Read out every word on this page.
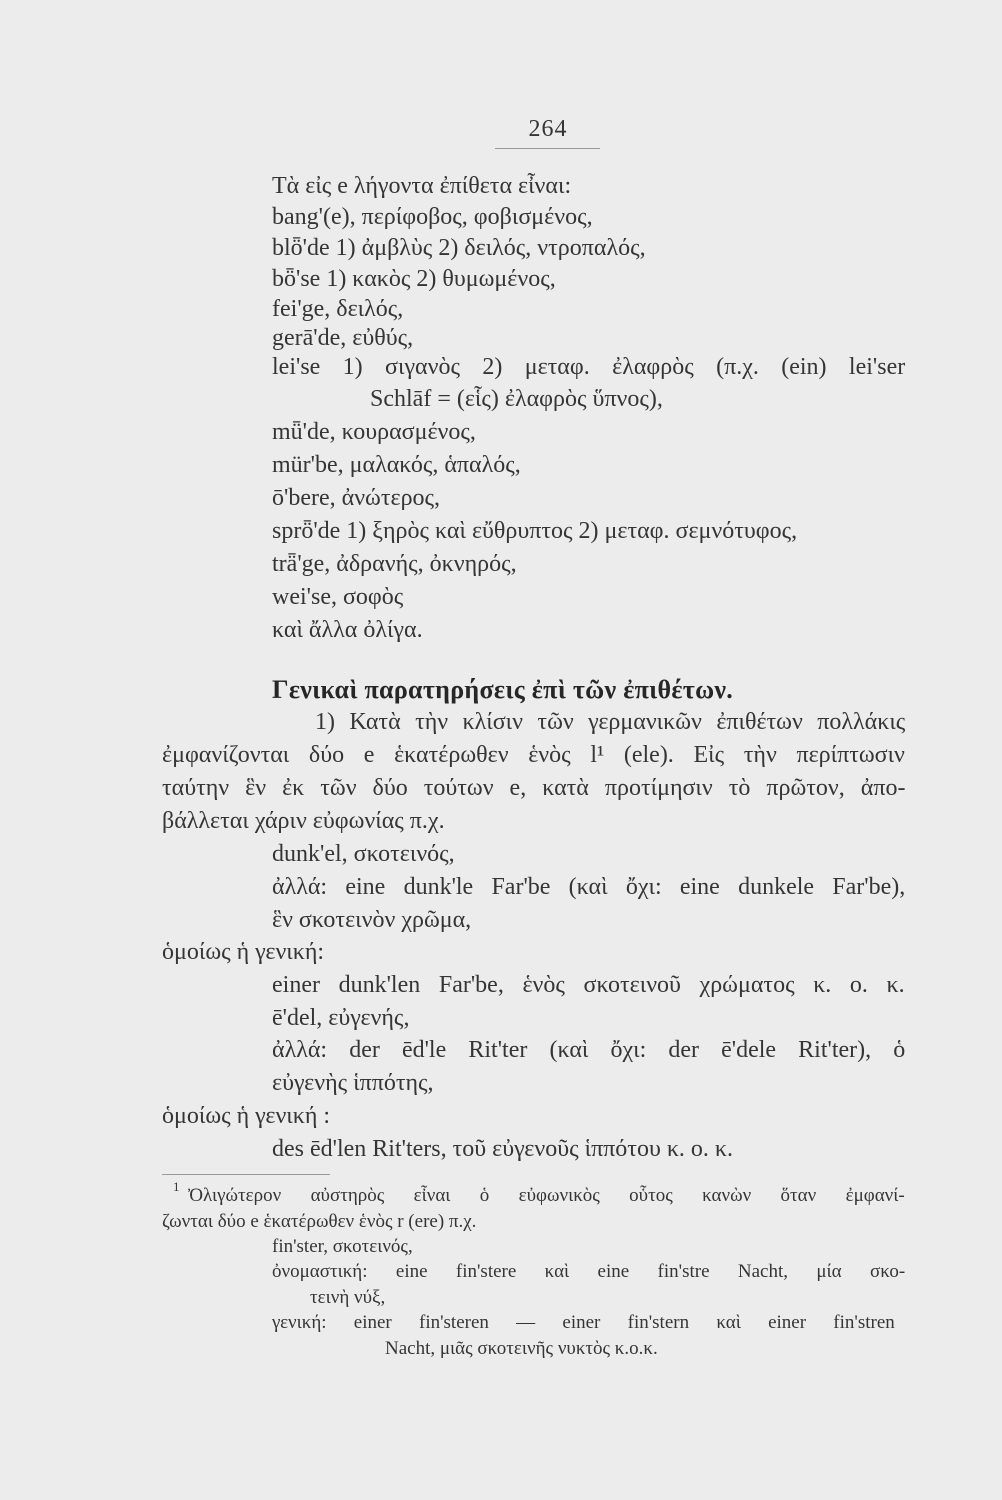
264
Τὰ εἰς e λήγοντα ἐπίθετα εἶναι:
bang'(e), περίφοβος, φοβισμένος,
blȫ'de 1) ἀμβλὺς 2) δειλός, ντροπαλός,
bȫ'se 1) κακὸς 2) θυμωμένος,
fei'ge, δειλός,
gerā'de, εὐθύς,
lei'se 1) σιγανὸς 2) μεταφ. ἐλαφρὸς (π.χ. (ein) lei'ser
Schlāf = (εἷς) ἐλαφρὸς ὕπνος),
mǖ'de, κουρασμένος,
mür'be, μαλακός, ἁπαλός,
ō'bere, ἀνώτερος,
sprȫ'de 1) ξηρὸς καὶ εὔθρυπτος 2) μεταφ. σεμνότυφος,
trǟ'ge, ἀδρανής, ὀκνηρός,
wei'se, σοφὸς
καὶ ἄλλα ὀλίγα.
Γενικαὶ παρατηρήσεις ἐπὶ τῶν ἐπιθέτων.
1) Κατὰ τὴν κλίσιν τῶν γερμανικῶν ἐπιθέτων πολλάκις
ἐμφανίζονται δύο e ἑκατέρωθεν ἑνὸς l¹ (ele). Εἰς τὴν περίπτωσιν
ταύτην ἓν ἐκ τῶν δύο τούτων e, κατὰ προτίμησιν τὸ πρῶτον, ἀπο-
βάλλεται χάριν εὐφωνίας π.χ.
dunk'el, σκοτεινός,
ἀλλά: eine dunk'le Far'be (καὶ ὄχι: eine dunkele Far'be),
ἓν σκοτεινὸν χρῶμα,
ὁμοίως ἡ γενική:
einer dunk'len Far'be, ἑνὸς σκοτεινοῦ χρώματος κ. ο. κ.
ē'del, εὐγενής,
ἀλλά: der ēd'le Rit'ter (καὶ ὄχι: der ē'dele Rit'ter), ὁ
εὐγενὴς ἱππότης,
ὁμοίως ἡ γενική :
des ēd'len Rit'ters, τοῦ εὐγενοῦς ἱππότου κ. ο. κ.
1 Ὀλιγώτερον αὐστηρὸς εἶναι ὁ εὐφωνικὸς οὗτος κανὼν ὅταν ἐμφανί-
ζωνται δύο e ἑκατέρωθεν ἑνὸς r (ere) π.χ.
fin'ster, σκοτεινός,
ὀνομαστική: eine fin'stere καὶ eine fin'stre Nacht, μία σκο-
τεινὴ νύξ,
γενική: einer fin'steren — einer fin'stern καὶ einer fin'stren
Nacht, μιᾶς σκοτεινῆς νυκτὸς κ.ο.κ.
